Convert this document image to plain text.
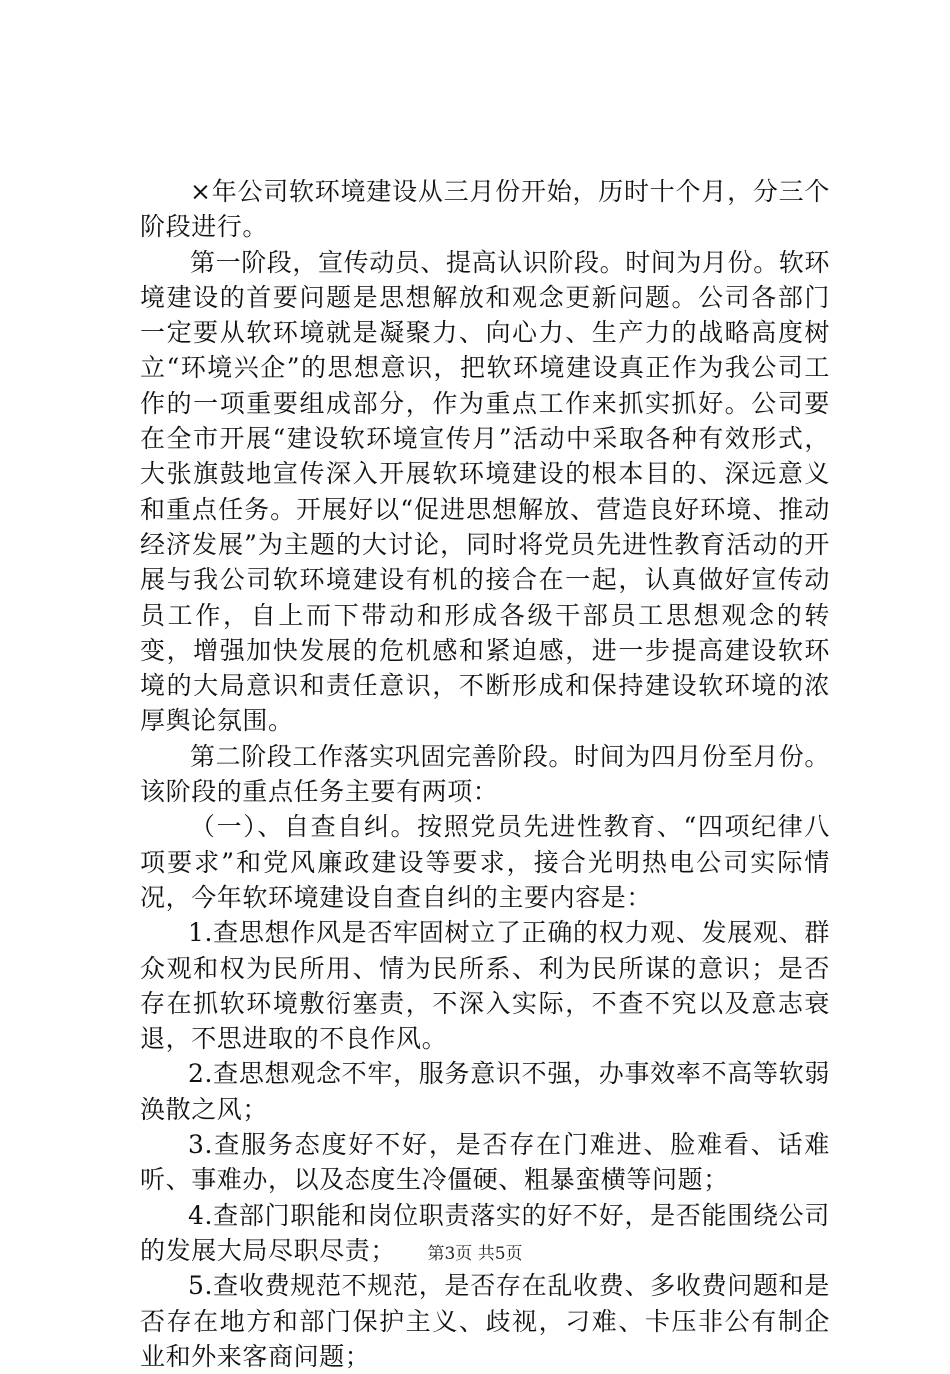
×年公司软环境建设从三月份开始，历时十个月，分三个阶段进行。

第一阶段，宣传动员、提高认识阶段。时间为月份。软环境建设的首要问题是思想解放和观念更新问题。公司各部门一定要从软环境就是凝聚力、向心力、生产力的战略高度树立“环境兴企”的思想意识，把软环境建设真正作为我公司工作的一项重要组成部分，作为重点工作来抓实抓好。公司要在全市开展“建设软环境宣传月”活动中采取各种有效形式，大张旗鼓地宣传深入开展软环境建设的根本目的、深远意义和重点任务。开展好以“促进思想解放、营造良好环境、推动经济发展”为主题的大讨论，同时将党员先进性教育活动的开展与我公司软环境建设有机的接合在一起，认真做好宣传动员工作，自上而下带动和形成各级干部员工思想观念的转变，增强加快发展的危机感和紧迫感，进一步提高建设软环境的大局意识和责任意识，不断形成和保持建设软环境的浓厚舆论氛围。

第二阶段工作落实巩固完善阶段。时间为四月份至月份。该阶段的重点任务主要有两项：

（一）、自查自纠。按照党员先进性教育、“四项纪律八项要求”和党风廉政建设等要求，接合光明热电公司实际情况，今年软环境建设自查自纠的主要内容是：

1.查思想作风是否牢固树立了正确的权力观、发展观、群众观和权为民所用、情为民所系、利为民所谋的意识；是否存在抓软环境敷衍塞责，不深入实际，不查不究以及意志衰退，不思进取的不良作风。

2.查思想观念不牢，服务意识不强，办事效率不高等软弱涣散之风；

3.查服务态度好不好，是否存在门难进、脸难看、话难听、事难办，以及态度生冷僵硬、粗暴蛮横等问题；

4.查部门职能和岗位职责落实的好不好，是否能围绕公司的发展大局尽职尽责；

5.查收费规范不规范，是否存在乱收费、多收费问题和是否存在地方和部门保护主义、歧视，刁难、卡压非公有制企业和外来客商问题；

第3页 共5页
